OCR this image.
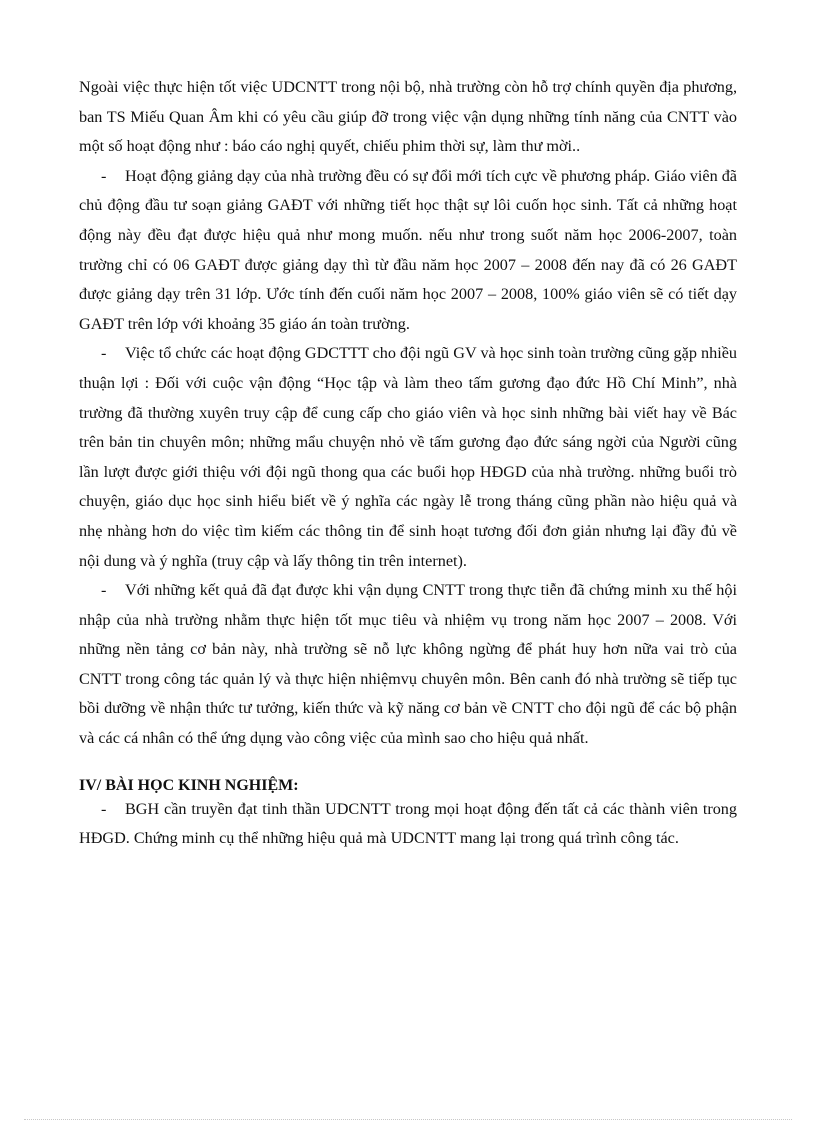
Ngoài việc thực hiện tốt việc UDCNTT trong nội bộ, nhà trường còn hỗ trợ chính quyền địa phương, ban TS Miếu Quan Âm khi có yêu cầu giúp đỡ trong việc vận dụng những tính năng của CNTT vào một số hoạt động như : báo cáo nghị quyết, chiếu phim thời sự, làm thư mời..

- Hoạt động giảng dạy của nhà trường đều có sự đổi mới tích cực về phương pháp. Giáo viên đã chủ động đầu tư soạn giảng GAĐT với những tiết học thật sự lôi cuốn học sinh. Tất cả những hoạt động này đều đạt được hiệu quả như mong muốn. nếu như trong suốt năm học 2006-2007, toàn trường chỉ có 06 GAĐT được giảng dạy thì từ đầu năm học 2007 – 2008 đến nay đã có 26 GAĐT được giảng dạy trên 31 lớp. Ước tính đến cuối năm học 2007 – 2008, 100% giáo viên sẽ có tiết dạy GAĐT trên lớp với khoảng 35 giáo án toàn trường.

- Việc tổ chức các hoạt động GDCTTT cho đội ngũ GV và học sinh toàn trường cũng gặp nhiều thuận lợi : Đối với cuộc vận động “Học tập và làm theo tấm gương đạo đức Hồ Chí Minh”, nhà trường đã thường xuyên truy cập để cung cấp cho giáo viên và học sinh những bài viết hay về Bác trên bản tin chuyên môn; những mẩu chuyện nhỏ về tấm gương đạo đức sáng ngời của Người cũng lần lượt được giới thiệu với đội ngũ thong qua các buổi họp HĐGD của nhà trường. những buổi trò chuyện, giáo dục học sinh hiểu biết về ý nghĩa các ngày lễ trong tháng cũng phần nào hiệu quả và nhẹ nhàng hơn do việc tìm kiếm các thông tin để sinh hoạt tương đối đơn giản nhưng lại đầy đủ về nội dung và ý nghĩa (truy cập và lấy thông tin trên internet).

- Với những kết quả đã đạt được khi vận dụng CNTT trong thực tiễn đã chứng minh xu thế hội nhập của nhà trường nhằm thực hiện tốt mục tiêu và nhiệm vụ trong năm học 2007 – 2008. Với những nền tảng cơ bản này, nhà trường sẽ nỗ lực không ngừng để phát huy hơn nữa vai trò của CNTT trong công tác quản lý và thực hiện nhiệmvụ chuyên môn. Bên canh đó nhà trường sẽ tiếp tục bồi dưỡng về nhận thức tư tưởng, kiến thức và kỹ năng cơ bản về CNTT cho đội ngũ để các bộ phận và các cá nhân có thể ứng dụng vào công việc của mình sao cho hiệu quả nhất.

IV/ BÀI HỌC KINH NGHIỆM:

- BGH cần truyền đạt tinh thần UDCNTT trong mọi hoạt động đến tất cả các thành viên trong HĐGD. Chứng minh cụ thể những hiệu quả mà UDCNTT mang lại trong quá trình công tác.
